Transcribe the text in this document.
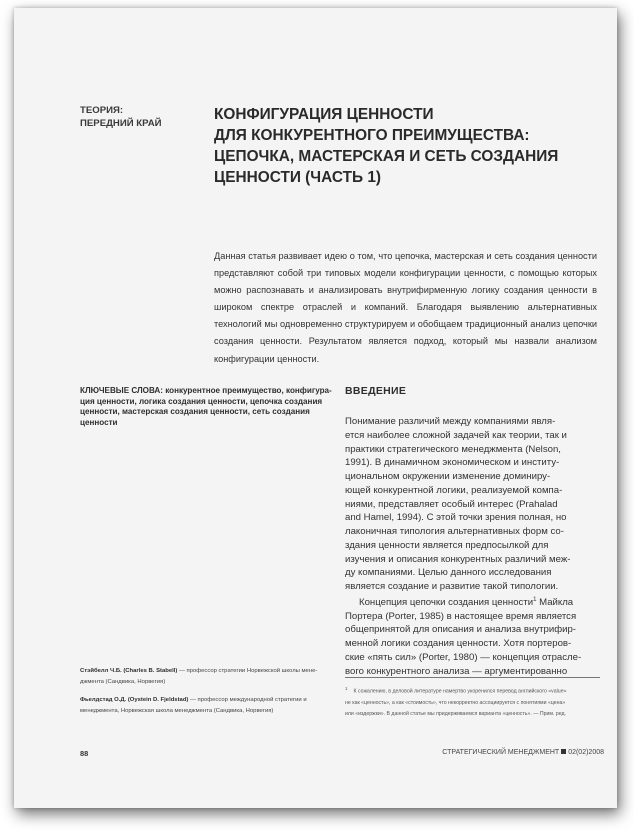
ТЕОРИЯ:
ПЕРЕДНИЙ КРАЙ
КОНФИГУРАЦИЯ ЦЕННОСТИ
ДЛЯ КОНКУРЕНТНОГО ПРЕИМУЩЕСТВА:
ЦЕПОЧКА, МАСТЕРСКАЯ И СЕТЬ СОЗДАНИЯ
ЦЕННОСТИ (ЧАСТЬ 1)
Данная статья развивает идею о том, что цепочка, мастерская и сеть создания ценности представляют собой три типовых модели конфигурации ценности, с помощью которых можно распознавать и анализировать внутрифирменную логику создания ценности в широком спектре отраслей и компаний. Благодаря выявлению альтернативных технологий мы одновременно структурируем и обобщаем традиционный анализ цепочки создания ценности. Результатом является подход, который мы назвали анализом конфигурации ценности.
КЛЮЧЕВЫЕ СЛОВА: конкурентное преимущество, конфигура-
ция ценности, логика создания ценности, цепочка создания
ценности, мастерская создания ценности, сеть создания
ценности
ВВЕДЕНИЕ
Понимание различий между компаниями явля-
ется наиболее сложной задачей как теории, так и
практики стратегического менеджмента (Nelson,
1991). В динамичном экономическом и институ-
циональном окружении изменение доминиру-
ющей конкурентной логики, реализуемой компа-
ниями, представляет особый интерес (Prahalad
and Hamel, 1994). С этой точки зрения полная, но
лаконичная типология альтернативных форм со-
здания ценности является предпосылкой для
изучения и описания конкурентных различий меж-
ду компаниями. Целью данного исследования
является создание и развитие такой типологии.
Концепция цепочки создания ценности$^1$ Майкла
Портера (Porter, 1985) в настоящее время является
общепринятой для описания и анализа внутрифир-
менной логики создания ценности. Хотя портеров-
ские «пять сил» (Porter, 1980) — концепция отрасле-
вого конкурентного анализа — аргументированно
$^1$К сожалению, в деловой литературе намертво укоренился перевод английского «value»
не как «ценность», а как «стоимость», что некорректно ассоциируется с понятиями «цена»
или «издержки». В данной статье мы придерживаемся варианта «ценность». — Прим. ред.
Стэйбелл Ч.Б. (Charles B. Stabell) — профессор стратегии Норвежской школы мене-
джмента (Сандвика, Норвегия)
Фьелдстад О.Д. (Oystein D. Fjeldstad) — профессор международной стратегии и
менеджмента, Норвежская школа менеджмента (Сандвика, Норвегия)
88	СТРАТЕГИЧЕСКИЙ МЕНЕДЖМЕНТ 02(02)2008
